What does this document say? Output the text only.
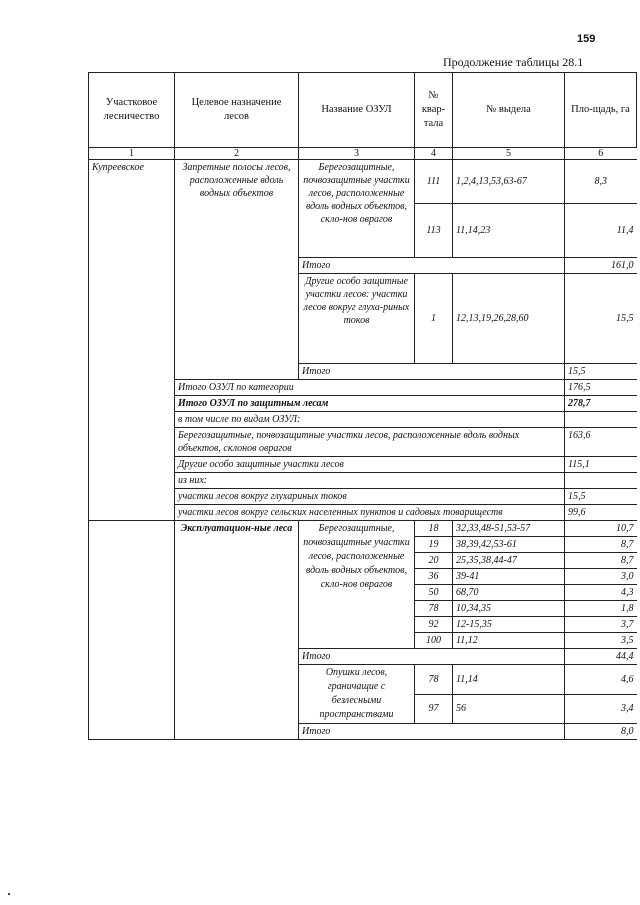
159
Продолжение таблицы 28.1
Участковое лесничество	Целевое назначение лесов	Название ОЗУЛ	№ квар-тала	№ выдела	Пло-щадь, га
1	2	3	4	5	6
Купреевское	Запретные полосы лесов, расположенные вдоль водных объектов	Берегозащитные, почвозащитные участки лесов, расположенные вдоль водных объектов, скло-нов оврагов	111	1,2,4,13,53,63-67	8,3
			113	11,14,23	11,4
		Итого			161,0
		Другие особо защитные участки лесов: участки лесов вокруг глуха-риных токов	1	12,13,19,26,28,60	15,5
		Итого			15,5
	Итого ОЗУЛ по категории				176,5
	Итого ОЗУЛ по защитным лесам				278,7
	в том числе по видам ОЗУЛ:				
	Берегозащитные, почвозащитные участки лесов, расположенные вдоль водных объектов, склонов оврагов				163,6
	Другие особо защитные участки лесов				115,1
	из них:				
	участки лесов вокруг глухариных токов				15,5
	участки лесов вокруг сельских населенных пунктов и садовых товариществ				99,6
	Эксплуатацион-ные леса	Берегозащитные, почвозащитные участки лесов, расположенные вдоль водных объектов, скло-нов оврагов	18	32,33,48-51,53-57	10,7
			19	38,39,42,53-61	8,7
			20	25,35,38,44-47	8,7
			36	39-41	3,0
			50	68,70	4,3
			78	10,34,35	1,8
			92	12-15,35	3,7
			100	11,12	3,5
		Итого			44,4
		Опушки лесов, граничащие с безлесными пространствами	78	11,14	4,6
			97	56	3,4
		Итого			8,0
